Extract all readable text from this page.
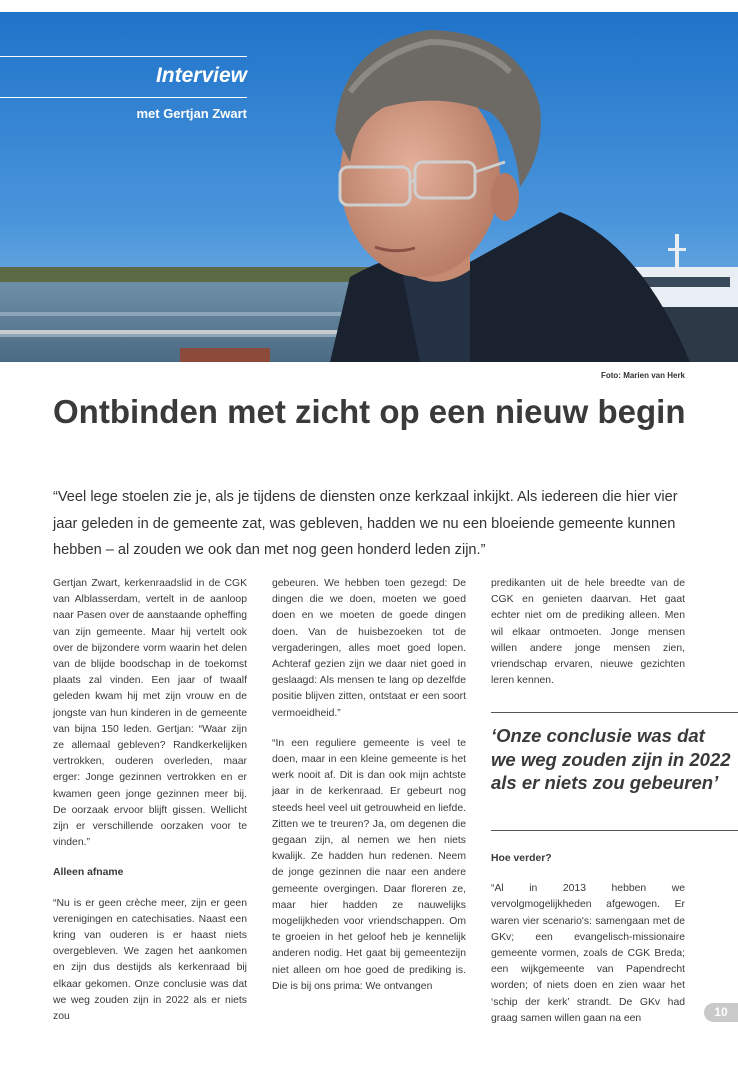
Interview
met Gertjan Zwart
Foto: Marien van Herk
Ontbinden met zicht op een nieuw begin

“Veel lege stoelen zie je, als je tijdens de diensten onze kerkzaal inkijkt. Als iedereen die hier vier jaar geleden in de gemeente zat, was gebleven, hadden we nu een bloeiende gemeente kunnen hebben – al zouden we ook dan met nog geen honderd leden zijn.”

Gertjan Zwart, kerkenraadslid in de CGK van Alblasserdam, vertelt in de aanloop naar Pasen over de aanstaande opheffing van zijn gemeente. Maar hij vertelt ook over de bijzondere vorm waarin het delen van de blijde boodschap in de toekomst plaats zal vinden. Een jaar of twaalf geleden kwam hij met zijn vrouw en de jongste van hun kinderen in de gemeente van bijna 150 leden. Gertjan: “Waar zijn ze allemaal gebleven? Randkerkelijken vertrokken, ouderen overleden, maar erger: Jonge gezinnen vertrokken en er kwamen geen jonge gezinnen meer bij. De oorzaak ervoor blijft gissen. Wellicht zijn er verschillende oorzaken voor te vinden.”

Alleen afname

“Nu is er geen crèche meer, zijn er geen verenigingen en catechisaties. Naast een kring van ouderen is er haast niets overgebleven. We zagen het aankomen en zijn dus destijds als kerkenraad bij elkaar gekomen. Onze conclusie was dat we weg zouden zijn in 2022 als er niets zou

gebeuren. We hebben toen gezegd: De dingen die we doen, moeten we goed doen en we moeten de goede dingen doen. Van de huisbezoeken tot de vergaderingen, alles moet goed lopen. Achteraf gezien zijn we daar niet goed in geslaagd: Als mensen te lang op dezelfde positie blijven zitten, ontstaat er een soort vermoeidheid.”

“In een reguliere gemeente is veel te doen, maar in een kleine gemeente is het werk nooit af. Dit is dan ook mijn achtste jaar in de kerkenraad. Er gebeurt nog steeds heel veel uit getrouwheid en liefde. Zitten we te treuren? Ja, om degenen die gegaan zijn, al nemen we hen niets kwalijk. Ze hadden hun redenen. Neem de jonge gezinnen die naar een andere gemeente overgingen. Daar floreren ze, maar hier hadden ze nauwelijks mogelijkheden voor vriendschappen. Om te groeien in het geloof heb je kennelijk anderen nodig. Het gaat bij gemeentezijn niet alleen om hoe goed de prediking is. Die is bij ons prima: We ontvangen

predikanten uit de hele breedte van de CGK en genieten daarvan. Het gaat echter niet om de prediking alleen. Men wil elkaar ontmoeten. Jonge mensen willen andere jonge mensen zien, vriendschap ervaren, nieuwe gezichten leren kennen.

‘Onze conclusie was dat we weg zouden zijn in 2022 als er niets zou gebeuren’

Hoe verder?

“Al in 2013 hebben we vervolgmogelijkheden afgewogen. Er waren vier scenario's: samengaan met de GKv; een evangelisch-missionaire gemeente vormen, zoals de CGK Breda; een wijkgemeente van Papendrecht worden; of niets doen en zien waar het ‘schip der kerk’ strandt. De GKv had graag samen willen gaan na een	10
